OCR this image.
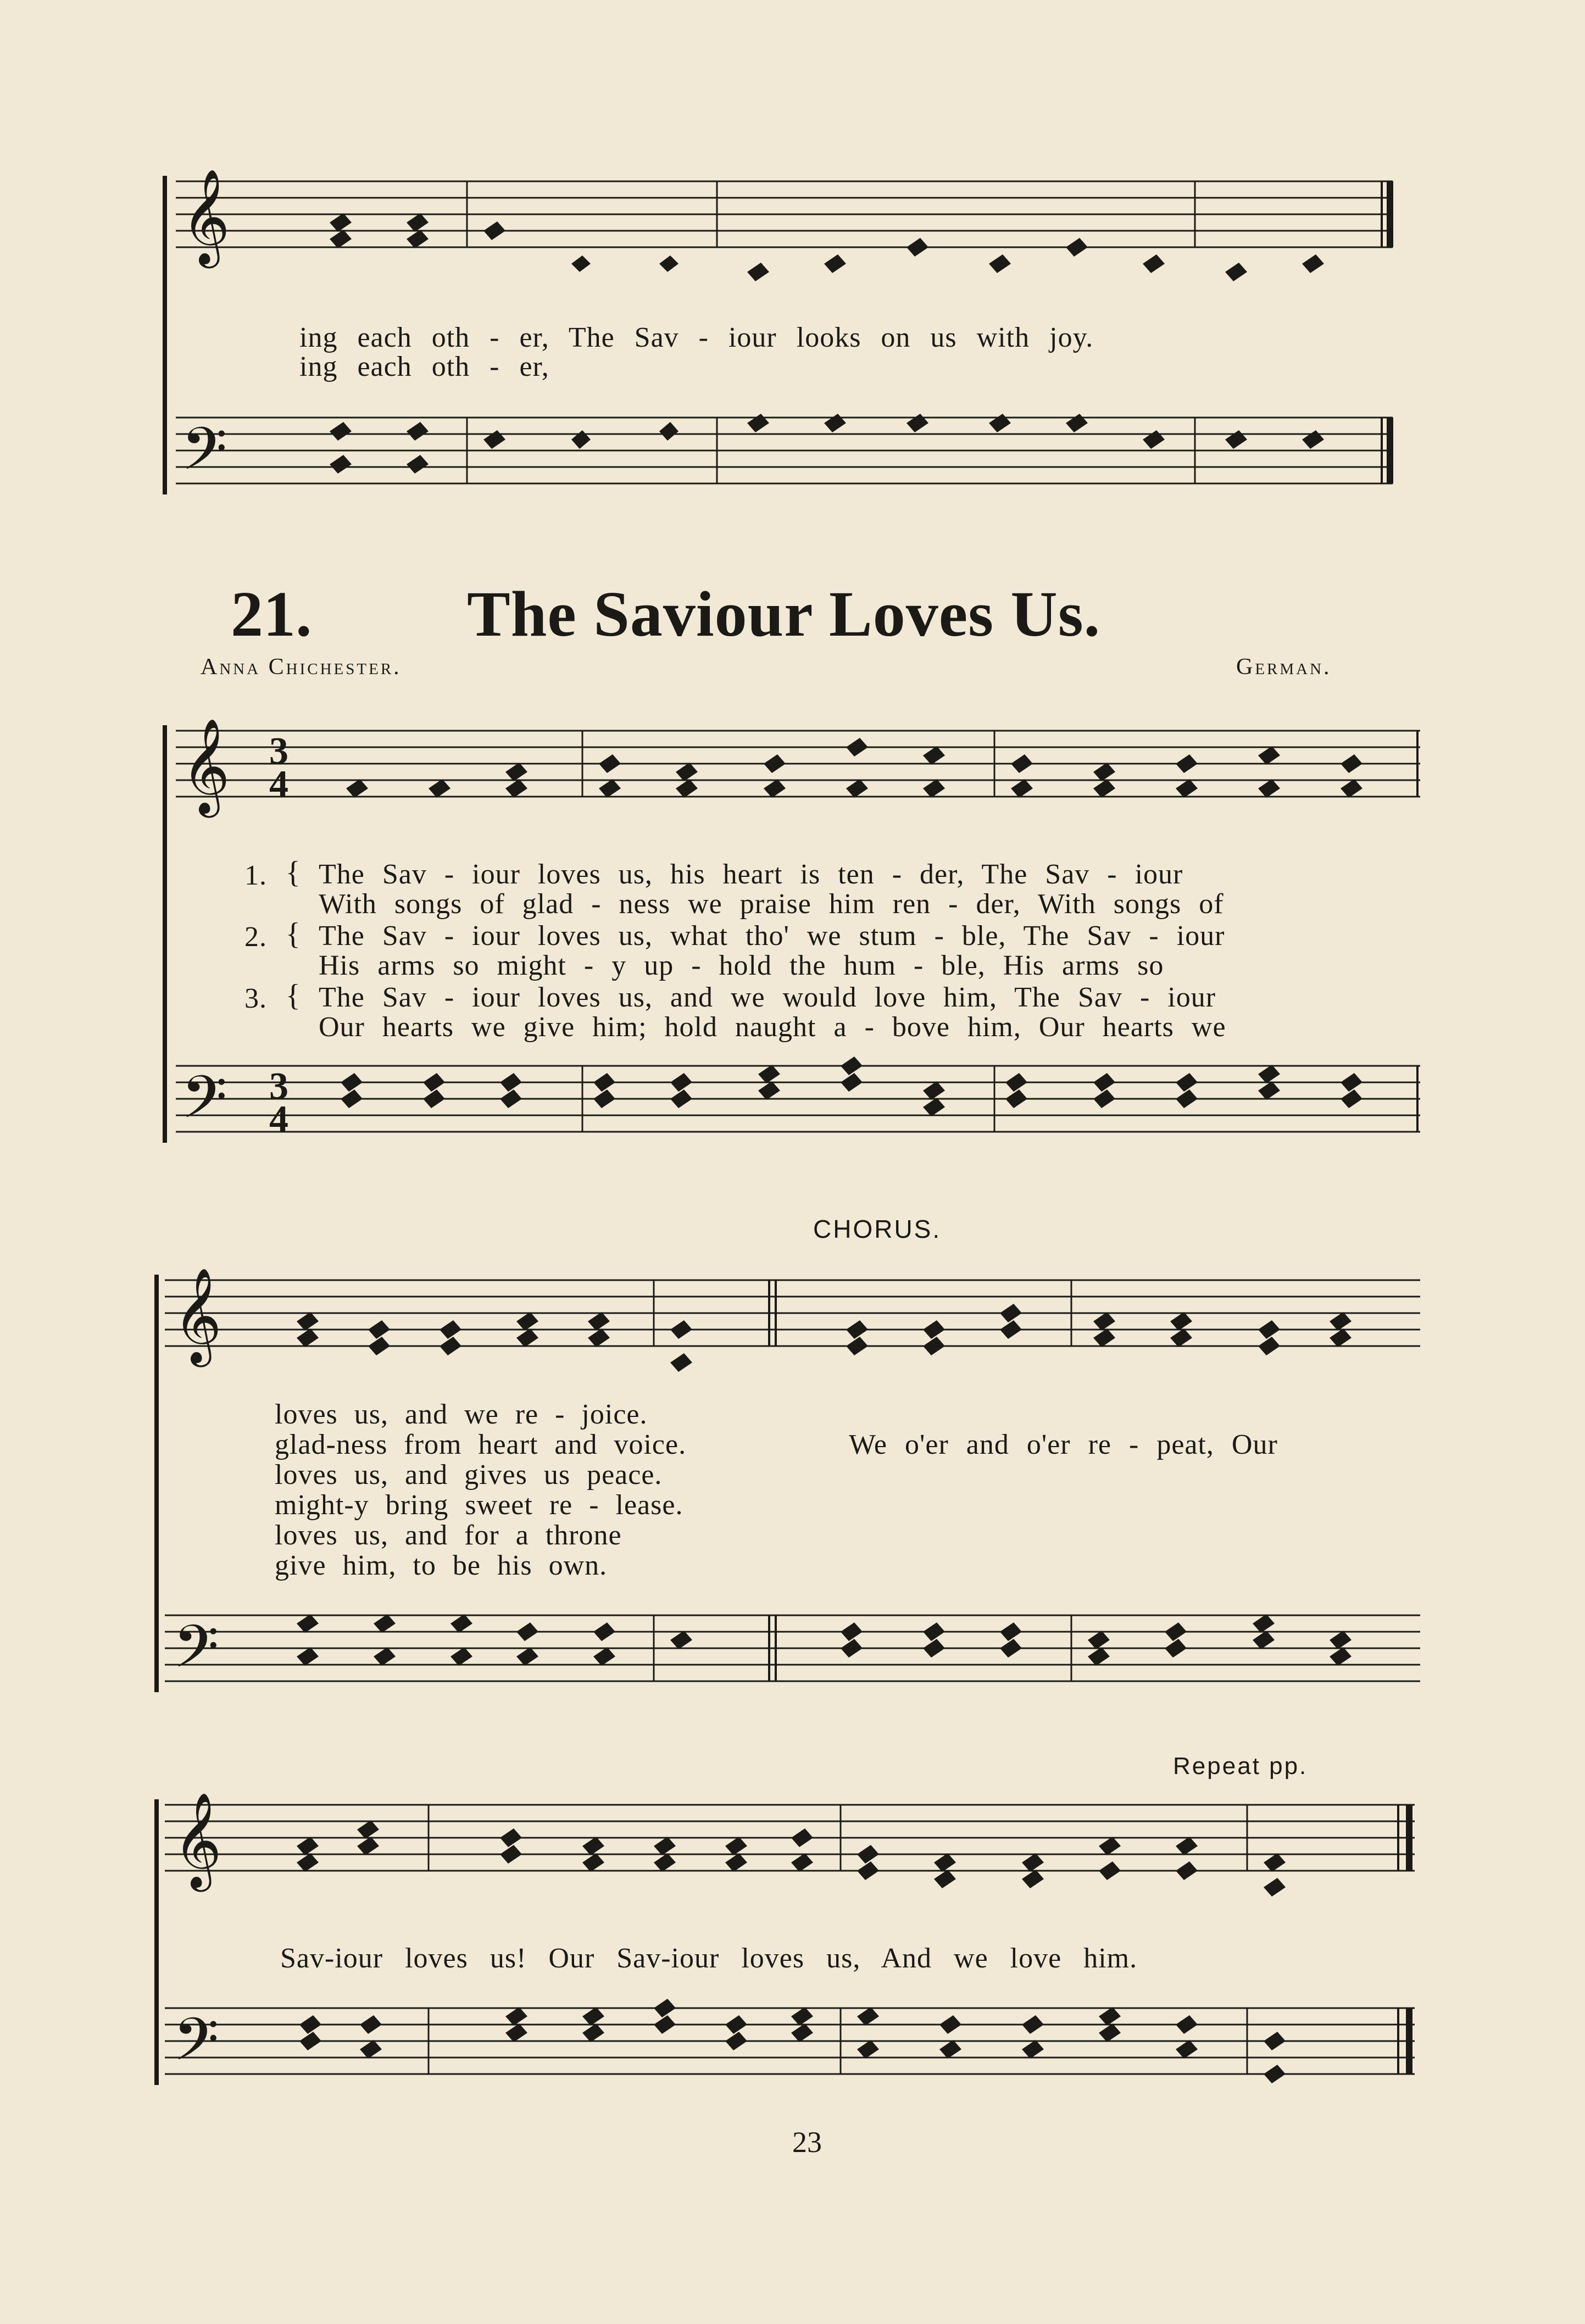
𝄞
𝄢
ing each oth - er, The Sav - iour looks on us with joy.
ing each oth - er,
21. The Saviour Loves Us.
Anna Chichester.	German.
𝄞
𝄢
3
4
3
4
1. { The Sav - iour loves us, his heart is ten - der, The Sav - iour
With songs of glad - ness we praise him ren - der, With songs of
2. { The Sav - iour loves us, what tho' we stum - ble, The Sav - iour
His arms so might - y up - hold the hum - ble, His arms so
3. { The Sav - iour loves us, and we would love him, The Sav - iour
Our hearts we give him; hold naught a - bove him, Our hearts we
CHORUS.
𝄞
𝄢
loves us, and we re - joice.
glad-ness from heart and voice.
loves us, and gives us peace.
might-y bring sweet re - lease.
loves us, and for a throne
give him, to be his own.
We o'er and o'er re - peat, Our
Repeat pp.
𝄞
𝄢
Sav-iour loves us! Our Sav-iour loves us, And we love him.
23
